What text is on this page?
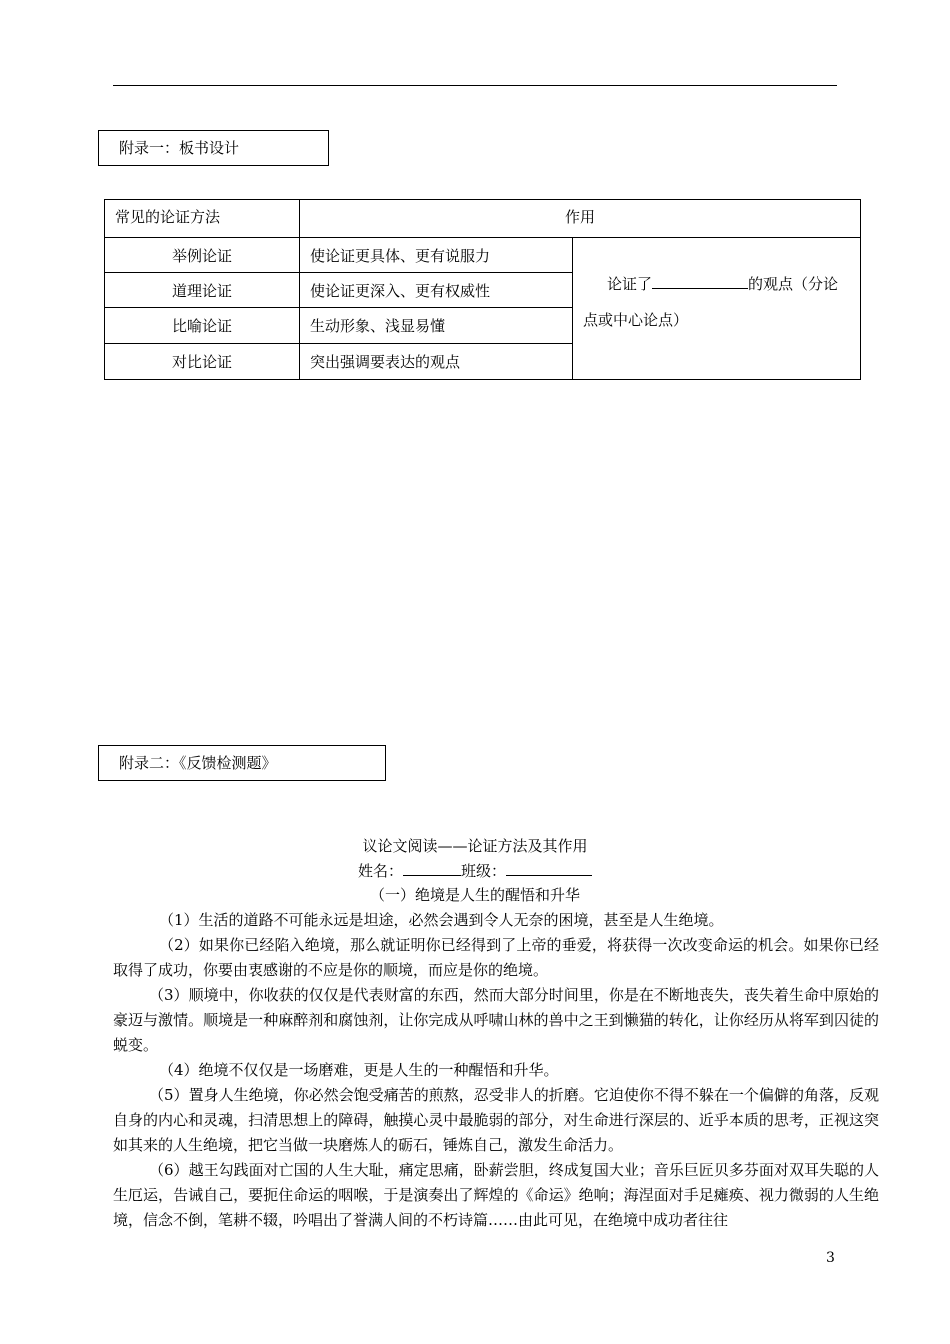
附录一：板书设计
常见的论证方法	作用	
举例论证	使论证更具体、更有说服力	论证了 的观点（分论
点或中心论点）
道理论证	使论证更深入、更有权威性	
比喻论证	生动形象、浅显易懂	
对比论证	突出强调要表达的观点	
附录二：《反馈检测题》
议论文阅读——论证方法及其作用
姓名：	班级：
（一）绝境是人生的醒悟和升华
（1）生活的道路不可能永远是坦途，必然会遇到令人无奈的困境，甚至是人生绝境。
（2）如果你已经陷入绝境，那么就证明你已经得到了上帝的垂爱，将获得一次改变命运的机会。如果你已经取得了成功，你要由衷感谢的不应是你的顺境，而应是你的绝境。
（3）顺境中，你收获的仅仅是代表财富的东西，然而大部分时间里，你是在不断地丧失，丧失着生命中原始的豪迈与激情。顺境是一种麻醉剂和腐蚀剂，让你完成从呼啸山林的兽中之王到懒猫的转化，让你经历从将军到囚徒的蜕变。
（4）绝境不仅仅是一场磨难，更是人生的一种醒悟和升华。
（5）置身人生绝境，你必然会饱受痛苦的煎熬，忍受非人的折磨。它迫使你不得不躲在一个偏僻的角落，反观自身的内心和灵魂，扫清思想上的障碍，触摸心灵中最脆弱的部分，对生命进行深层的、近乎本质的思考，正视这突如其来的人生绝境，把它当做一块磨炼人的砺石，锤炼自己，激发生命活力。
（6）越王勾践面对亡国的人生大耻，痛定思痛，卧薪尝胆，终成复国大业；音乐巨匠贝多芬面对双耳失聪的人生厄运，告诫自己，要扼住命运的咽喉，于是演奏出了辉煌的《命运》绝响；海涅面对手足瘫痪、视力微弱的人生绝境，信念不倒，笔耕不辍，吟唱出了誉满人间的不朽诗篇……由此可见，在绝境中成功者往往
3
